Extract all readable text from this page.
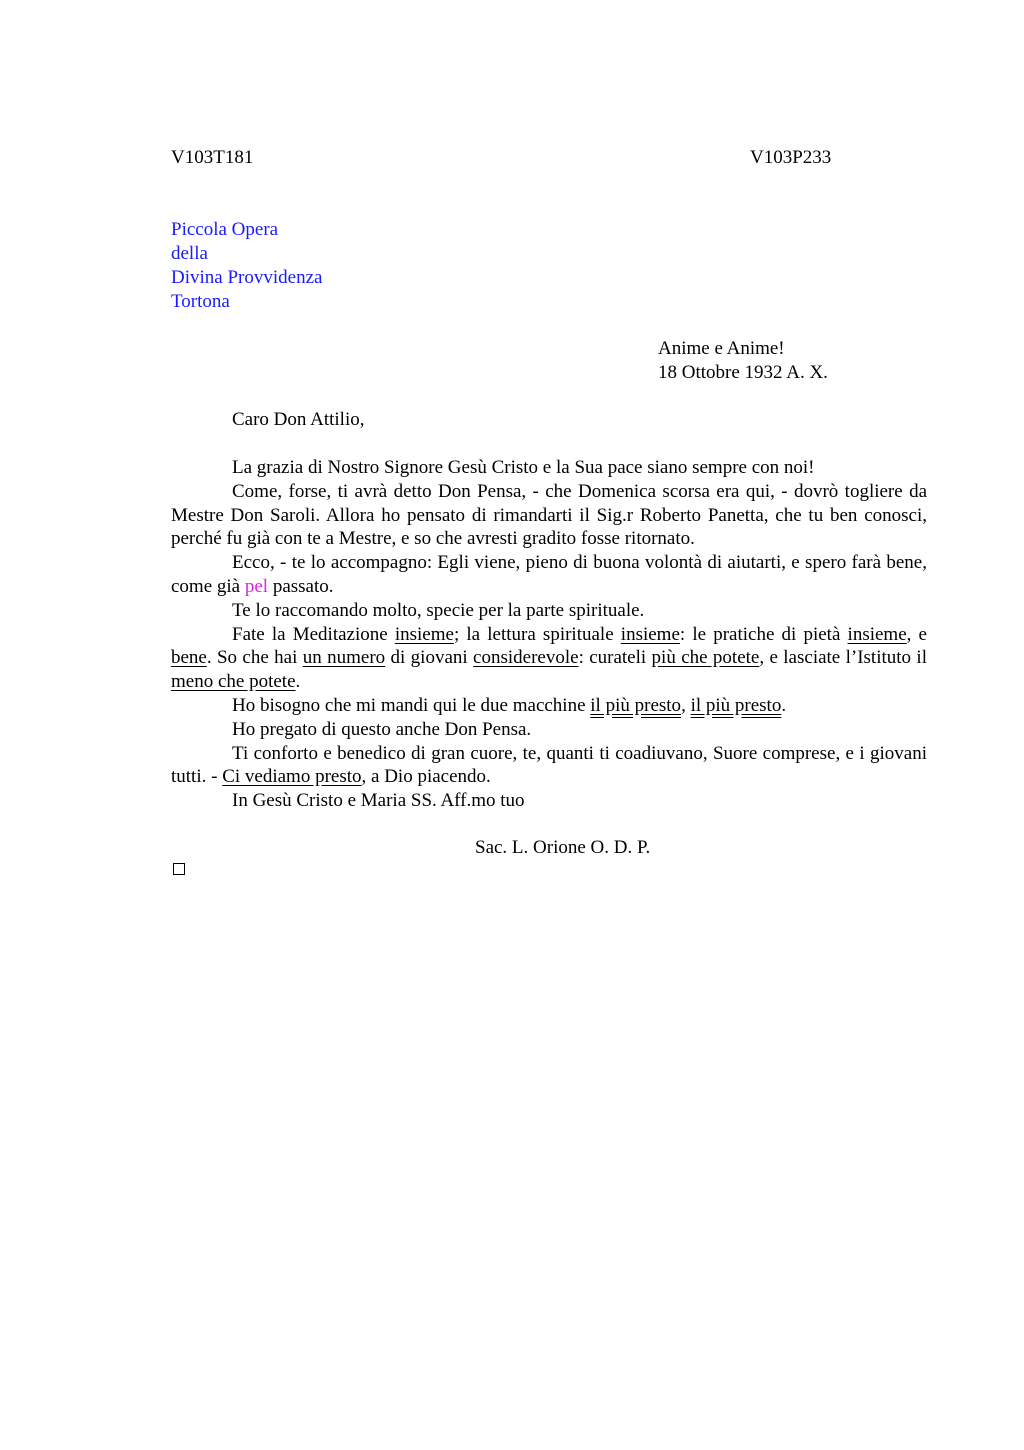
V103T181	V103P233
Piccola Opera
della
Divina Provvidenza
Tortona
Anime e Anime!
18 Ottobre 1932 A. X.
Caro Don Attilio,

La grazia di Nostro Signore Gesù Cristo e la Sua pace siano sempre con noi!

Come, forse, ti avrà detto Don Pensa, - che Domenica scorsa era qui, - dovrò togliere da Mestre Don Saroli. Allora ho pensato di rimandarti il Sig.r Roberto Panetta, che tu ben conosci, perché fu già con te a Mestre, e so che avresti gradito fosse ritornato.

Ecco, - te lo accompagno: Egli viene, pieno di buona volontà di aiutarti, e spero farà bene, come già pel passato.

Te lo raccomando molto, specie per la parte spirituale.

Fate la Meditazione insieme; la lettura spirituale insieme: le pratiche di pietà insieme, e bene. So che hai un numero di giovani considerevole: curateli più che potete, e lasciate l’Istituto il meno che potete.

Ho bisogno che mi mandi qui le due macchine il più presto, il più presto.

Ho pregato di questo anche Don Pensa.

Ti conforto e benedico di gran cuore, te, quanti ti coadiuvano, Suore comprese, e i giovani tutti. - Ci vediamo presto, a Dio piacendo.

In Gesù Cristo e Maria SS. Aff.mo tuo

Sac. L. Orione O. D. P.
